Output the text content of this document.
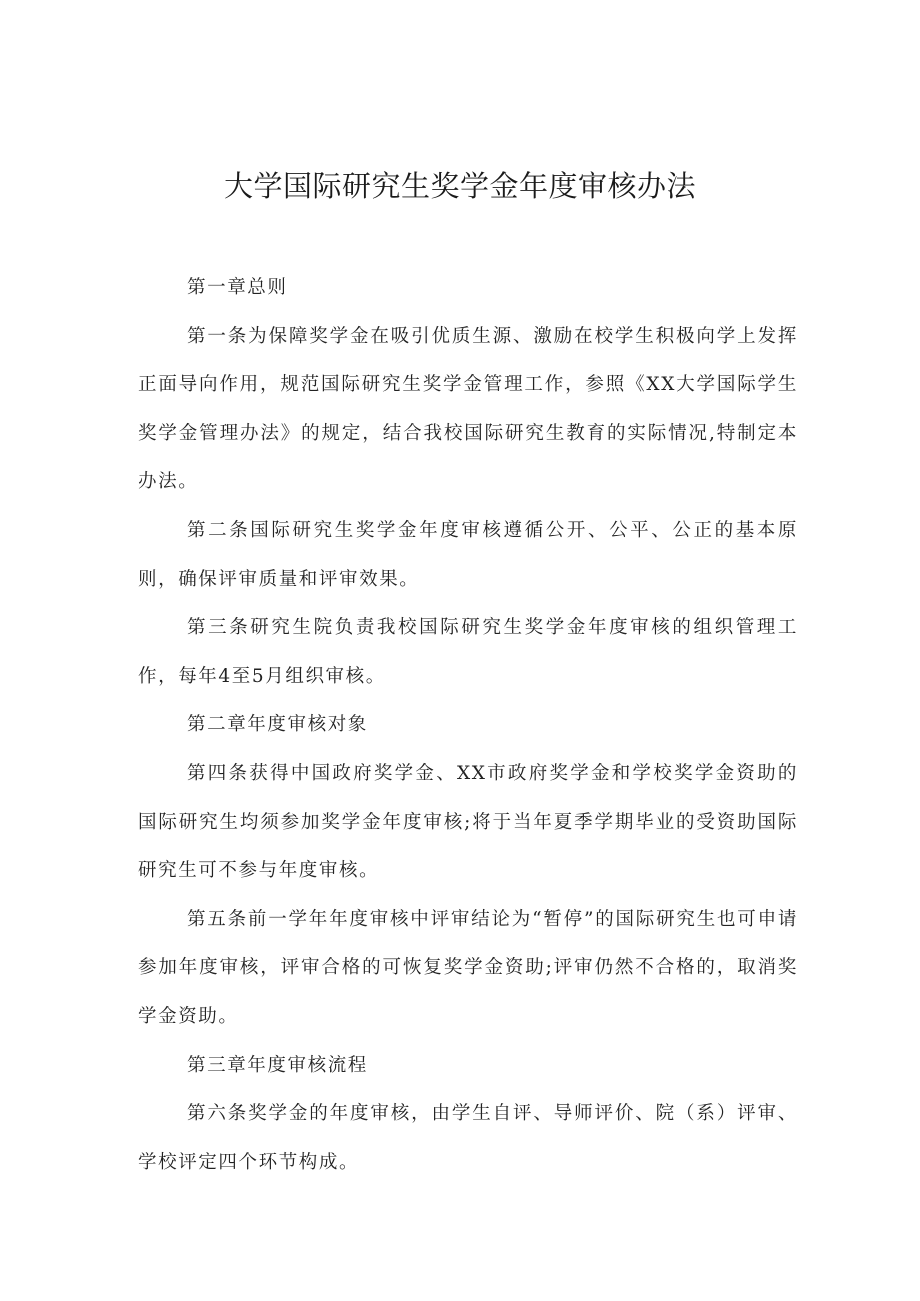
大学国际研究生奖学金年度审核办法

第一章总则

第一条为保障奖学金在吸引优质生源、激励在校学生积极向学上发挥正面导向作用，规范国际研究生奖学金管理工作，参照《XX大学国际学生奖学金管理办法》的规定，结合我校国际研究生教育的实际情况,特制定本办法。

第二条国际研究生奖学金年度审核遵循公开、公平、公正的基本原则，确保评审质量和评审效果。

第三条研究生院负责我校国际研究生奖学金年度审核的组织管理工作，每年4至5月组织审核。

第二章年度审核对象

第四条获得中国政府奖学金、XX市政府奖学金和学校奖学金资助的国际研究生均须参加奖学金年度审核;将于当年夏季学期毕业的受资助国际研究生可不参与年度审核。

第五条前一学年年度审核中评审结论为“暂停”的国际研究生也可申请参加年度审核，评审合格的可恢复奖学金资助;评审仍然不合格的，取消奖学金资助。

第三章年度审核流程

第六条奖学金的年度审核，由学生自评、导师评价、院（系）评审、学校评定四个环节构成。
